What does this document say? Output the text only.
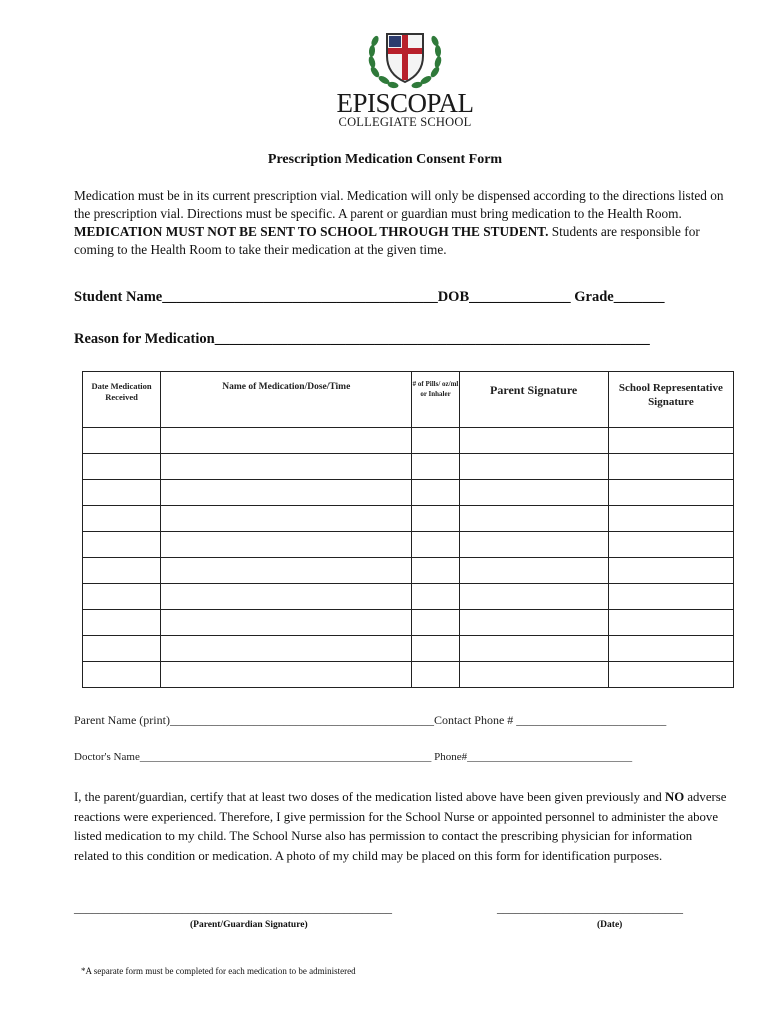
EPISCOPAL
COLLEGIATE SCHOOL
Prescription Medication Consent Form
Medication must be in its current prescription vial. Medication will only be dispensed according to the directions listed on the prescription vial. Directions must be specific. A parent or guardian must bring medication to the Health Room. MEDICATION MUST NOT BE SENT TO SCHOOL THROUGH THE STUDENT. Students are responsible for coming to the Health Room to take their medication at the given time.
Student Name______________________________________DOB______________ Grade_______
Reason for Medication____________________________________________________________
Date Medication Received	Name of Medication/Dose/Time	# of Pills/ oz/ml or Inhaler	Parent Signature	School Representative Signature

Parent Name (print)____________________________________________Contact Phone # _________________________
Doctor's Name_____________________________________________________ Phone#______________________________
I, the parent/guardian, certify that at least two doses of the medication listed above have been given previously and NO adverse reactions were experienced. Therefore, I give permission for the School Nurse or appointed personnel to administer the above listed medication to my child. The School Nurse also has permission to contact the prescribing physician for information related to this condition or medication. A photo of my child may be placed on this form for identification purposes.
_____________________________________________________	_______________________________
(Parent/Guardian Signature)	(Date)
*A separate form must be completed for each medication to be administered
